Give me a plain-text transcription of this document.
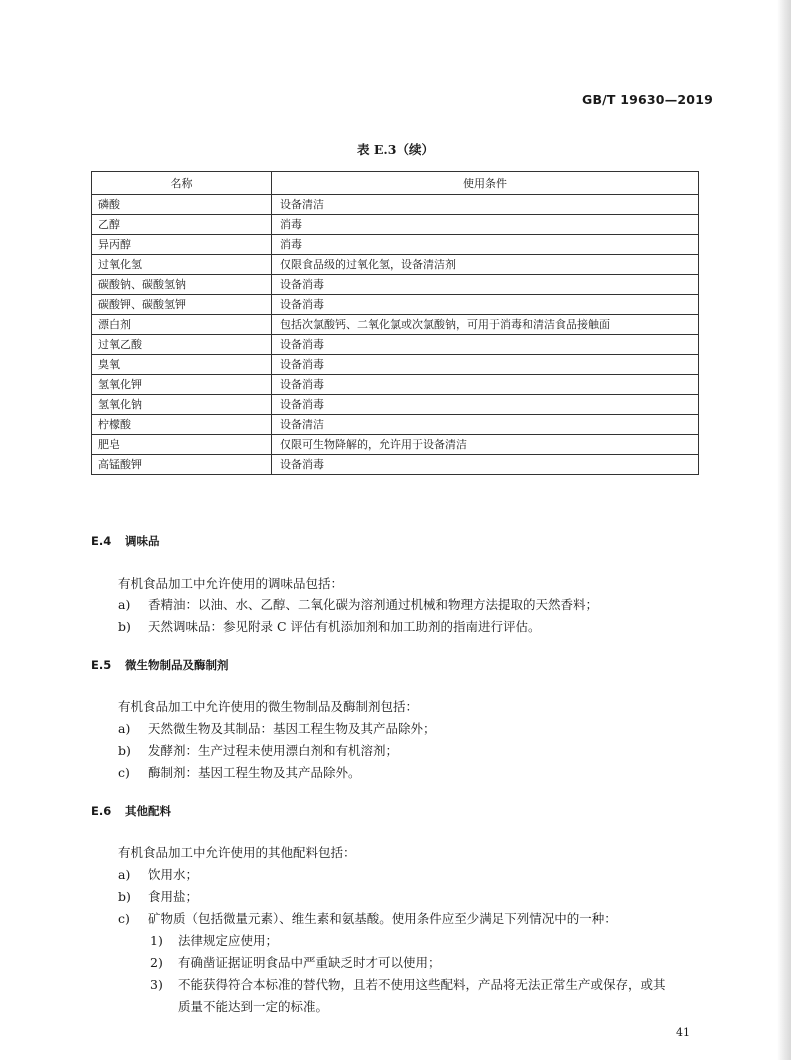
GB/T 19630—2019
表 E.3（续）
名称	使用条件
磷酸	设备清洁
乙醇	消毒
异丙醇	消毒
过氧化氢	仅限食品级的过氧化氢，设备清洁剂
碳酸钠、碳酸氢钠	设备消毒
碳酸钾、碳酸氢钾	设备消毒
漂白剂	包括次氯酸钙、二氧化氯或次氯酸钠，可用于消毒和清洁食品接触面
过氧乙酸	设备消毒
臭氧	设备消毒
氢氧化钾	设备消毒
氢氧化钠	设备消毒
柠檬酸	设备清洁
肥皂	仅限可生物降解的，允许用于设备清洁
高锰酸钾	设备消毒
E.4 调味品
有机食品加工中允许使用的调味品包括：
a) 香精油：以油、水、乙醇、二氧化碳为溶剂通过机械和物理方法提取的天然香料；
b) 天然调味品：参见附录 C 评估有机添加剂和加工助剂的指南进行评估。
E.5 微生物制品及酶制剂
有机食品加工中允许使用的微生物制品及酶制剂包括：
a) 天然微生物及其制品：基因工程生物及其产品除外；
b) 发酵剂：生产过程未使用漂白剂和有机溶剂；
c) 酶制剂：基因工程生物及其产品除外。
E.6 其他配料
有机食品加工中允许使用的其他配料包括：
a) 饮用水；
b) 食用盐；
c) 矿物质（包括微量元素）、维生素和氨基酸。使用条件应至少满足下列情况中的一种：
1) 法律规定应使用；
2) 有确凿证据证明食品中严重缺乏时才可以使用；
3) 不能获得符合本标准的替代物，且若不使用这些配料，产品将无法正常生产或保存，或其
质量不能达到一定的标准。
41
